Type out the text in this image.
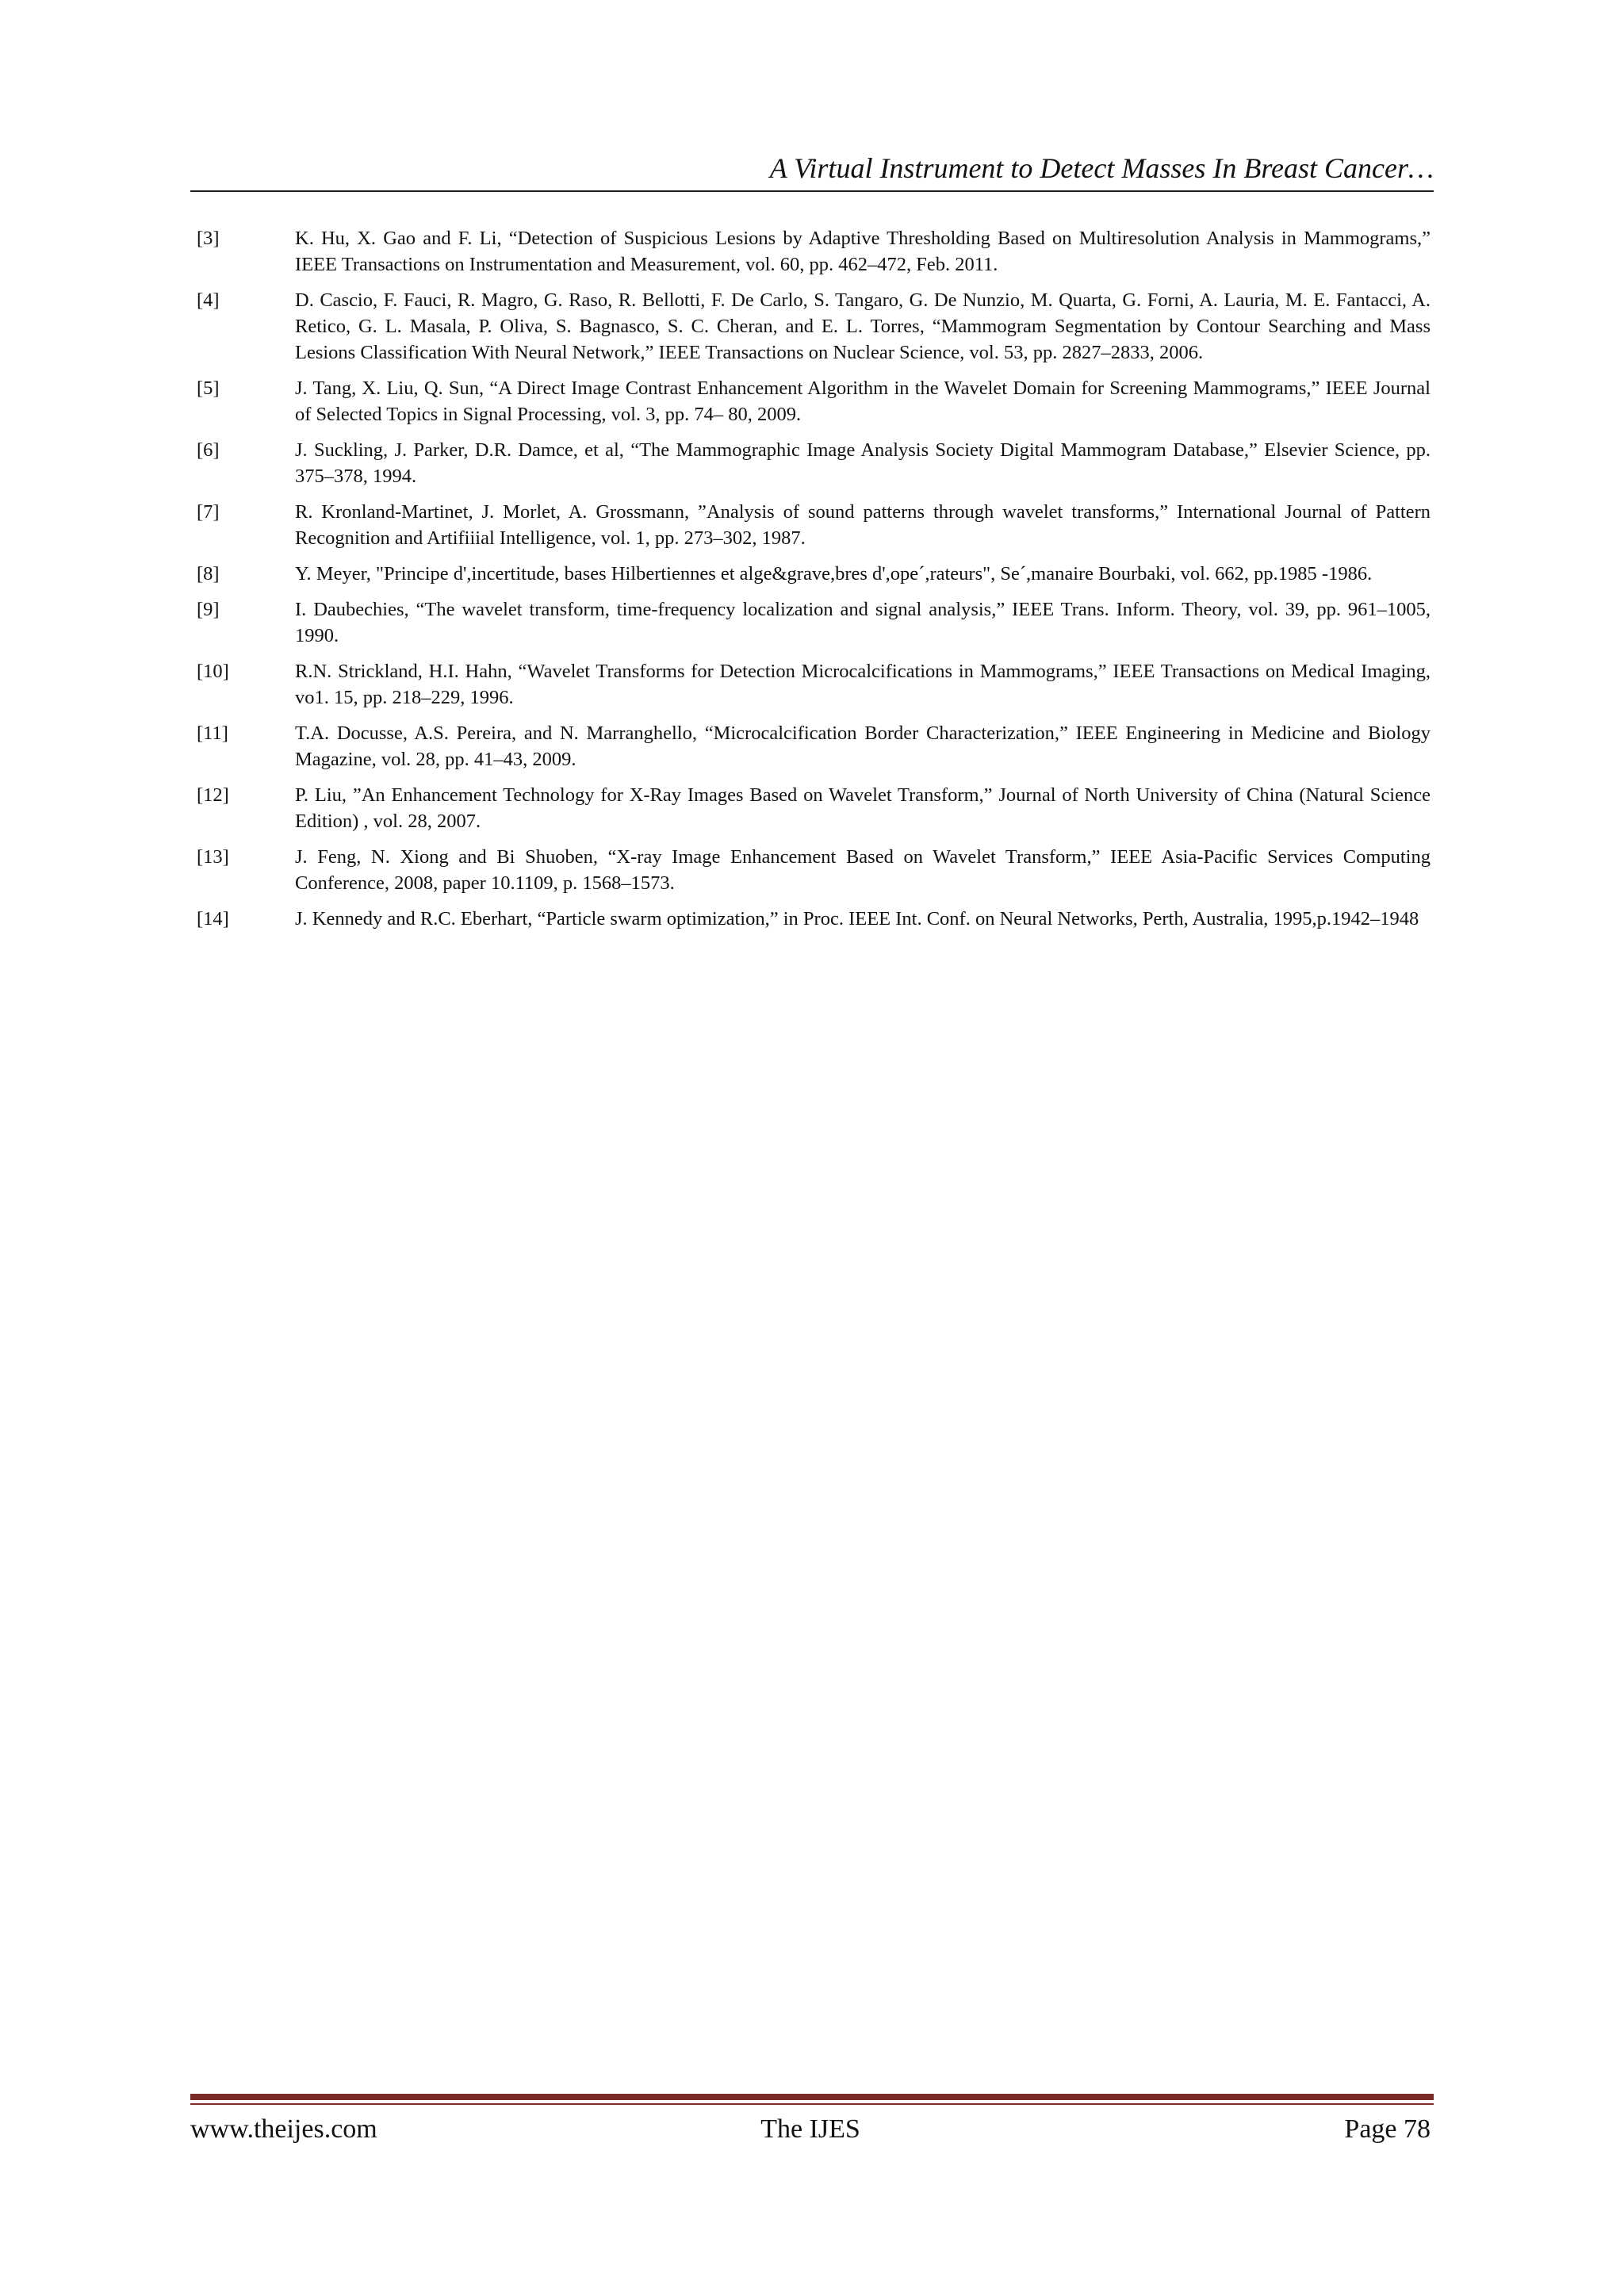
A Virtual Instrument to Detect Masses In Breast Cancer…
[3]	K. Hu, X. Gao and F. Li, “Detection of Suspicious Lesions by Adaptive Thresholding Based on Multiresolution Analysis in Mammograms,” IEEE Transactions on Instrumentation and Measurement, vol. 60, pp. 462–472, Feb. 2011.
[4]	D. Cascio, F. Fauci, R. Magro, G. Raso, R. Bellotti, F. De Carlo, S. Tangaro, G. De Nunzio, M. Quarta, G. Forni, A. Lauria, M. E. Fantacci, A. Retico, G. L. Masala, P. Oliva, S. Bagnasco, S. C. Cheran, and E. L. Torres, “Mammogram Segmentation by Contour Searching and Mass Lesions Classification With Neural Network,” IEEE Transactions on Nuclear Science, vol. 53, pp. 2827–2833, 2006.
[5]	J. Tang, X. Liu, Q. Sun, “A Direct Image Contrast Enhancement Algorithm in the Wavelet Domain for Screening Mammograms,” IEEE Journal of Selected Topics in Signal Processing, vol. 3, pp. 74– 80, 2009.
[6]	J. Suckling, J. Parker, D.R. Damce, et al, “The Mammographic Image Analysis Society Digital Mammogram Database,” Elsevier Science, pp. 375–378, 1994.
[7]	R. Kronland-Martinet, J. Morlet, A. Grossmann, ”Analysis of sound patterns through wavelet transforms,” International Journal of Pattern Recognition and Artifiiial Intelligence, vol. 1, pp. 273–302, 1987.
[8]	Y. Meyer, "Principe d',incertitude, bases Hilbertiennes et alge&grave,bres d',ope´,rateurs", Se´,manaire Bourbaki, vol. 662, pp.1985 -1986.
[9]	I. Daubechies, “The wavelet transform, time-frequency localization and signal analysis,” IEEE Trans. Inform. Theory, vol. 39, pp. 961–1005, 1990.
[10]	R.N. Strickland, H.I. Hahn, “Wavelet Transforms for Detection Microcalcifications in Mammograms,” IEEE Transactions on Medical Imaging, vo1. 15, pp. 218–229, 1996.
[11]	T.A. Docusse, A.S. Pereira, and N. Marranghello, “Microcalcification Border Characterization,” IEEE Engineering in Medicine and Biology Magazine, vol. 28, pp. 41–43, 2009.
[12]	P. Liu, ”An Enhancement Technology for X-Ray Images Based on Wavelet Transform,” Journal of North University of China (Natural Science Edition) , vol. 28, 2007.
[13]	J. Feng, N. Xiong and Bi Shuoben, “X-ray Image Enhancement Based on Wavelet Transform,” IEEE Asia-Pacific Services Computing Conference, 2008, paper 10.1109, p. 1568–1573.
[14]	J. Kennedy and R.C. Eberhart, “Particle swarm optimization,” in Proc. IEEE Int. Conf. on Neural Networks, Perth, Australia, 1995,p.1942–1948
www.theijes.com	The IJES	Page 78
